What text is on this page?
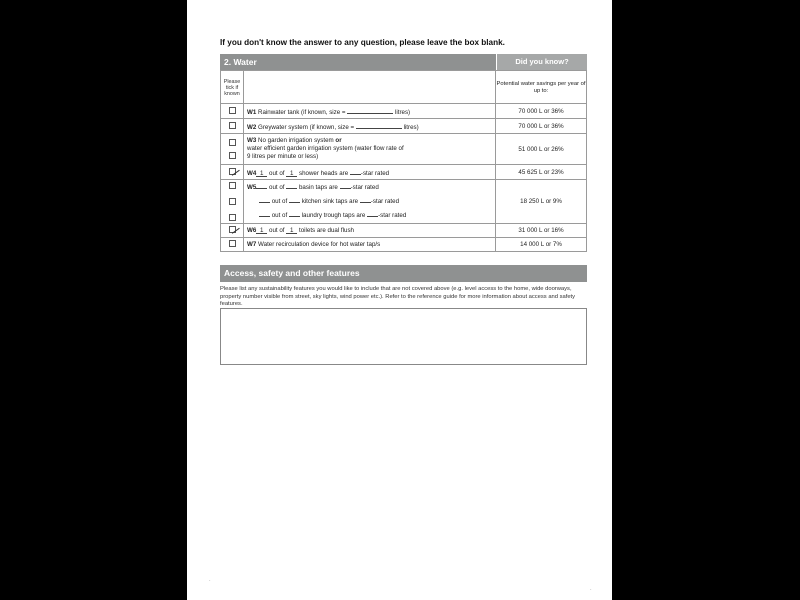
If you don't know the answer to any question, please leave the box blank.
2. Water	Did you know?
Please tick if known		Potential water savings per year of up to:
	W1 Rainwater tank (if known, size = litres)	70 000 L or 36%
	W2 Greywater system (if known, size = litres)	70 000 L or 36%

	W3 No garden irrigation system or
water efficient garden irrigation system (water flow rate of
9 litres per minute or less)	51 000 L or 26%
	W4 1 out of 1 shower heads are -star rated	45 625 L or 23%

	W5 out of basin taps are -star rated
out of kitchen sink taps are -star rated
out of laundry trough taps are -star rated	18 250 L or 9%
	W6 1 out of 1 toilets are dual flush	31 000 L or 16%
	W7 Water recirculation device for hot water tap/s	14 000 L or 7%
Access, safety and other features
Please list any sustainability features you would like to include that are not covered above (e.g. level access to the home, wide doorways, property number visible from street, sky lights, wind power etc.). Refer to the reference guide for more information about access and safety features.
·
·
